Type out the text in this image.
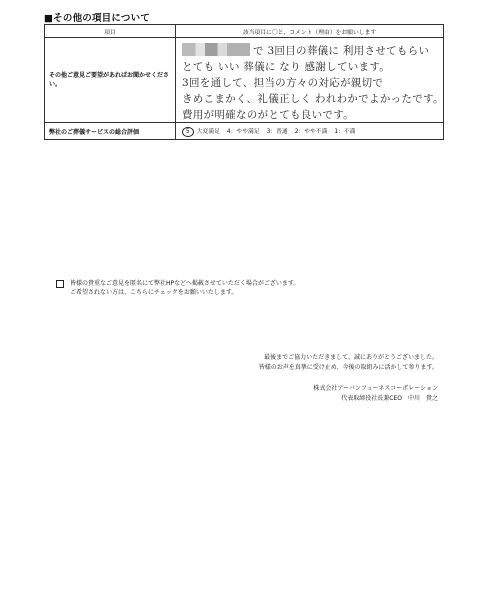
■その他の項目について
項目	該当項目に〇と、コメント（理由）をお願いします
その他ご意見ご要望があればお聞かせください。	で 3回目の葬儀に 利用させてもらい
とても いい 葬儀に なり 感謝しています。
3回を通して、担当の方々の対応が親切で
きめこまかく、礼儀正しく われわかでよかったです。
費用が明確なのがとても良いです。

弊社のご葬儀サービスの総合評価	5 大変満足 4：やや満足 3：普通 2：やや不満 1：不満
皆様の貴重なご意見を匿名にて弊社HPなどへ掲載させていただく場合がございます。
ご希望されない方は、こちらにチェックをお願いいたします。
最後までご協力いただきまして、誠にありがとうございました。
皆様のお声を真摯に受け止め、今後の取組みに活かして参ります。
株式会社アーバンフューネスコーポレーション
代表取締役社長兼CEO　中川　貴之
